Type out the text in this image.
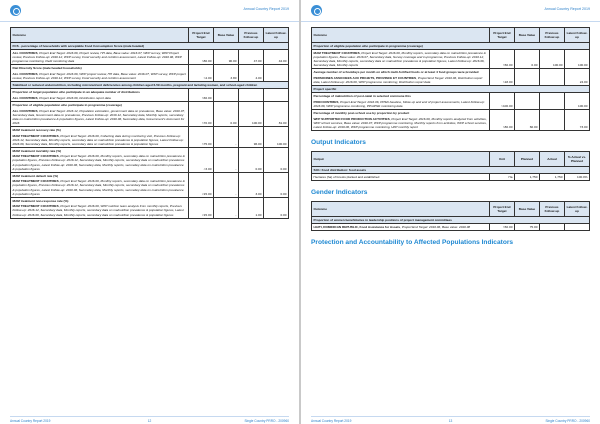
Annual Country Report 2019
Outcome	Project End Target	Base Value	Previous Follow-up	Latest Follow-up
FCS - percentage of households with acceptable Food Consumption Score (male headed)				
ALL COUNTRIES, Project End Target: 2016.06, Project review, HH data, Base value: 2016.07, WFP survey, WFP Project review, Previous Follow-up: 2016.12, WFP survey, Food security and nutrition assessment, Latest Follow-up: 2016.06, WFP programme monitoring, Field monitoring data	>80.00	90.00	47.00	42.00

Diet Diversity Score (male headed households)
ALL COUNTRIES, Project End Target: 2016.06, WFP project review, HH data, Base value: 2016.07, WFP survey, WFP project review, Previous Follow-up: 2016.12, WFP survey, Food security and nutrition assessment	>4.00	3.80	4.00	
Stabilized or reduced undernutrition, including micronutrient deficiencies among children aged 6-59 months, pregnant and lactating women, and school-aged children				

Proportion of target population who participate in an adequate number of distributions
ALL COUNTRIES, Project End Target: 2016.06, Distribution report data	>66.00			

Proportion of eligible population who participate in programme (coverage)
ALL COUNTRIES, Project End Target: 2016.12, Population estimation, government data on prevalence, Base value: 2016.07, Secondary data, Government data on prevalence, Previous Follow-up: 2016.12, Secondary data, Monthly reports, secondary data on malnutrition prevalence & population figures, Latest Follow-up: 2016.06, Secondary data, Government's document for 2016	>70.00	0.00	100.00	81.00

MAM treatment recovery rate (%)
MAM TREATMENT COUNTRIES, Project End Target: 2016.06, Collecting data during monitoring visit, Previous Follow-up: 2016.12, Secondary data, Monthly reports, secondary data on malnutrition prevalence & population figures, Latest Follow-up: 2016.06, Secondary data, Monthly reports, secondary data on malnutrition prevalence & population figures	>75.00	-	96.00	100.00

MAM treatment mortality rate (%)
MAM TREATMENT COUNTRIES, Project End Target: 2016.06, Monthly reports, secondary data on malnutrition prevalence & population figures, Previous Follow-up: 2016.12, Secondary data, Monthly reports, secondary data on malnutrition prevalence & population figures, Latest Follow-up: 2016.06, Secondary data, Monthly reports, secondary data on malnutrition prevalence & population figures	<3.00	-	0.00	0.00

MAM treatment default rate (%)
MAM TREATMENT COUNTRIES, Project End Target: 2016.06, Monthly reports, secondary data on malnutrition prevalence & population figures, Previous Follow-up: 2016.12, Secondary data, Monthly reports, secondary data on malnutrition prevalence & population figures, Latest Follow-up: 2016.06, Secondary data, Monthly reports, secondary data on malnutrition prevalence & population figures	<15.00	-	3.00	0.00

MAM treatment non-response rate (%)
MAM TREATMENT COUNTRIES, Project End Target: 2016.06, WFP nutrition team analysis from monthly reports, Previous Follow-up: 2016.12, Secondary data, Monthly reports, secondary data on malnutrition prevalence & population figures, Latest Follow-up: 2016.06, Secondary data, Monthly reports, secondary data on malnutrition prevalence & population figures	<15.00	-	1.00	0.00
Annual Country Report 2019	12	Single Country PRRO - 200960
Annual Country Report 2019
Outcome	Project End Target	Base Value	Previous Follow-up	Latest Follow-up
Proportion of eligible population who participate in programme (coverage)				
MAM TREATMENT COUNTRIES, Project End Target: 2016.06, Monthly reports, secondary data on malnutrition prevalence & population figures, Base value: 2016.07, Secondary data, Survey coverage and in-programme, Previous Follow-up: 2016.12, Secondary data, Monthly reports, secondary data on malnutrition prevalence & population figures, Latest Follow-up: 2016.06, Secondary data, Monthly reports	>50.00	0.00	100.00	100.00

Average number of schooldays per month on which multi-fortified foods or at least 4 food groups were provided
PERSONNES ASSOCIEES AUX PROJETS, PROVINCE ET COUNTRIES, Project End Target: 2016.06, Distribution report data, Latest Follow-up: 2016.06, WFP programme monitoring, Distribution report data	>18.00			24.00
Project specific				

Percentage of malnutrition of post-natal in selected commune this
PROCOUNTRIES, Project End Target: 2016.06, PPSD baseline, follow up and end of project assessments, Latest Follow-up: 2016.06, WFP programme monitoring, PP/APSD monitoring data	>100.00			100.00

Percentage of monthly post-school use by proportion by product
WFP SUPPORTED FOOD PRODUCTION ACTIVITIES, Project End Target: 2016.06, Monthly reports analyzed from activities, WFP school services, Base value: 2016.07, WFP programme monitoring, Monthly reports from activities, WFP school services, Latest Follow-up: 2016.06, WFP programme monitoring, UFP monthly report	>80.00	66.00		73.00
Output Indicators
Output	Unit	Planned	Actual	% Actual vs. Planned
SO1: Food distribution: food assets				
Hectares (ha) of forests planted and established	Ha	1,750	1,750	100.0%
Gender Indicators
Outcome	Project End Target	Base Value	Previous Follow-up	Latest Follow-up
Proportion of women beneficiaries in leadership positions of project management committees				
HAITI, DOMINICAN REPUBLIC, Food Assistance for Assets, Project End Target: 2016.06, Base value: 2016.08	>50.00	75.00		
Protection and Accountability to Affected Populations Indicators
Annual Country Report 2019	13	Single Country PRRO - 200960
